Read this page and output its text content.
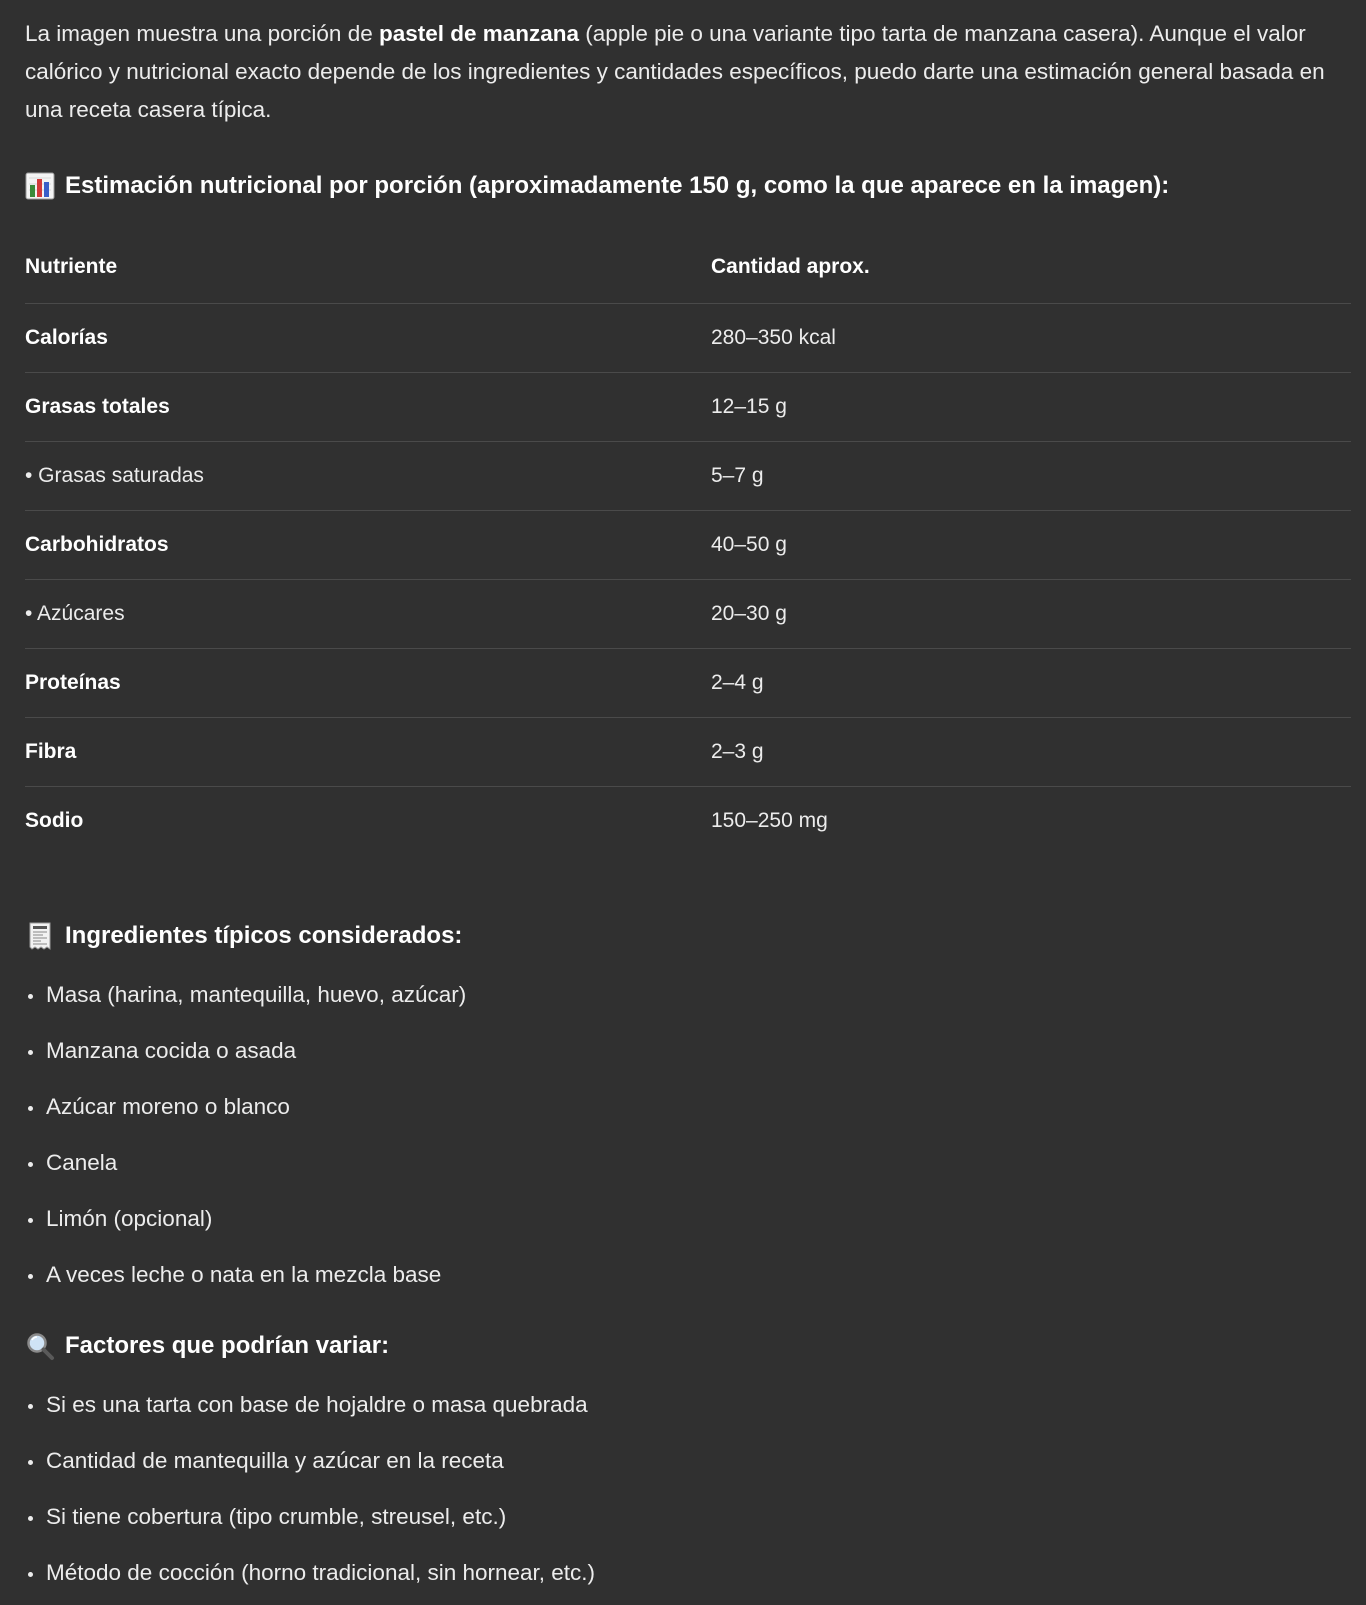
La imagen muestra una porción de pastel de manzana (apple pie o una variante tipo tarta de manzana casera). Aunque el valor calórico y nutricional exacto depende de los ingredientes y cantidades específicos, puedo darte una estimación general basada en una receta casera típica.

Estimación nutricional por porción (aproximadamente 150 g, como la que aparece en la imagen):
Nutriente	Cantidad aprox.
Calorías	280–350 kcal
Grasas totales	12–15 g
• Grasas saturadas	5–7 g
Carbohidratos	40–50 g
• Azúcares	20–30 g
Proteínas	2–4 g
Fibra	2–3 g
Sodio	150–250 mg
Ingredientes típicos considerados:
Masa (harina, mantequilla, huevo, azúcar)
Manzana cocida o asada
Azúcar moreno o blanco
Canela
Limón (opcional)
A veces leche o nata en la mezcla base
Factores que podrían variar:
Si es una tarta con base de hojaldre o masa quebrada
Cantidad de mantequilla y azúcar en la receta
Si tiene cobertura (tipo crumble, streusel, etc.)
Método de cocción (horno tradicional, sin hornear, etc.)
